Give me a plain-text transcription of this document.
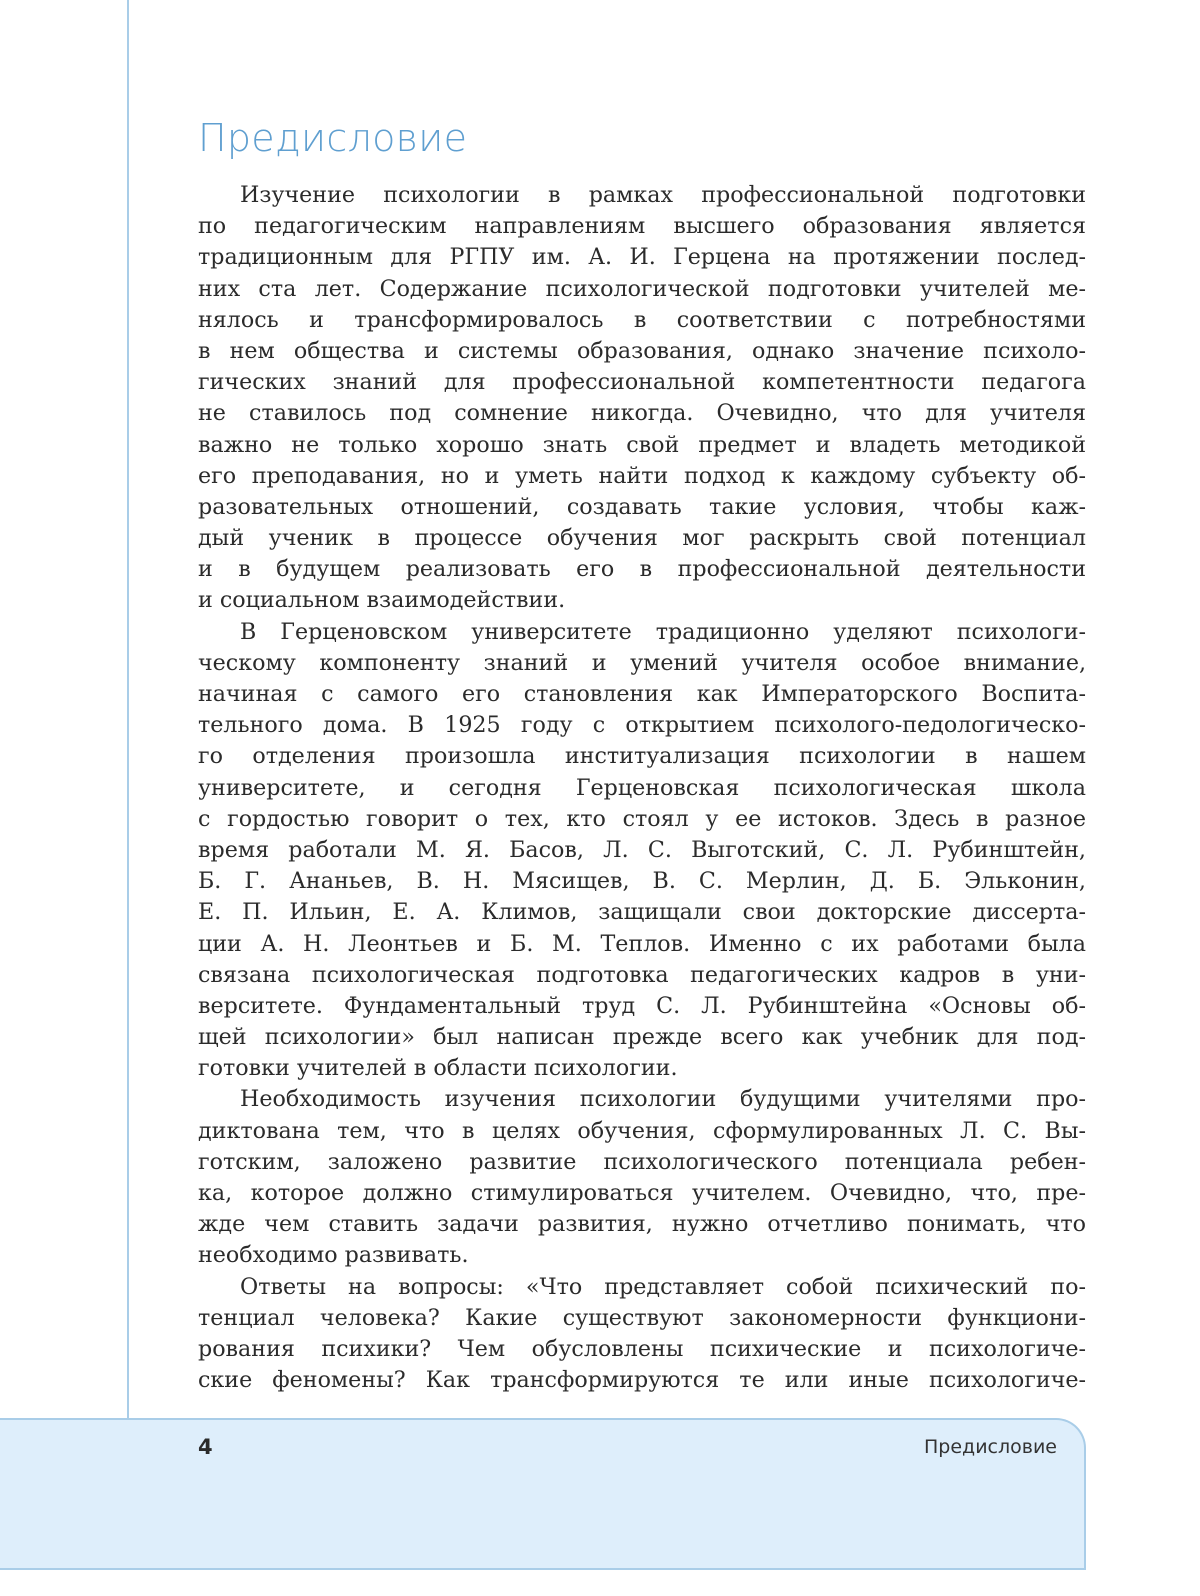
Предисловие
Изучение психологии в рамках профессиональной подготовки
по педагогическим направлениям высшего образования является
традиционным для РГПУ им. А. И. Герцена на протяжении послед-
них ста лет. Содержание психологической подготовки учителей ме-
нялось и трансформировалось в соответствии с потребностями
в нем общества и системы образования, однако значение психоло-
гических знаний для профессиональной компетентности педагога
не ставилось под сомнение никогда. Очевидно, что для учителя
важно не только хорошо знать свой предмет и владеть методикой
его преподавания, но и уметь найти подход к каждому субъекту об-
разовательных отношений, создавать такие условия, чтобы каж-
дый ученик в процессе обучения мог раскрыть свой потенциал
и в будущем реализовать его в профессиональной деятельности
и социальном взаимодействии.
В Герценовском университете традиционно уделяют психологи-
ческому компоненту знаний и умений учителя особое внимание,
начиная с самого его становления как Императорского Воспита-
тельного дома. В 1925 году с открытием психолого-педологическо-
го отделения произошла институализация психологии в нашем
университете, и сегодня Герценовская психологическая школа
с гордостью говорит о тех, кто стоял у ее истоков. Здесь в разное
время работали М. Я. Басов, Л. С. Выготский, С. Л. Рубинштейн,
Б. Г. Ананьев, В. Н. Мясищев, В. С. Мерлин, Д. Б. Эльконин,
Е. П. Ильин, Е. А. Климов, защищали свои докторские диссерта-
ции А. Н. Леонтьев и Б. М. Теплов. Именно с их работами была
связана психологическая подготовка педагогических кадров в уни-
верситете. Фундаментальный труд С. Л. Рубинштейна «Основы об-
щей психологии» был написан прежде всего как учебник для под-
готовки учителей в области психологии.
Необходимость изучения психологии будущими учителями про-
диктована тем, что в целях обучения, сформулированных Л. С. Вы-
готским, заложено развитие психологического потенциала ребен-
ка, которое должно стимулироваться учителем. Очевидно, что, пре-
жде чем ставить задачи развития, нужно отчетливо понимать, что
необходимо развивать.
Ответы на вопросы: «Что представляет собой психический по-
тенциал человека? Какие существуют закономерности функциони-
рования психики? Чем обусловлены психические и психологиче-
ские феномены? Как трансформируются те или иные психологиче-
4	Предисловие
